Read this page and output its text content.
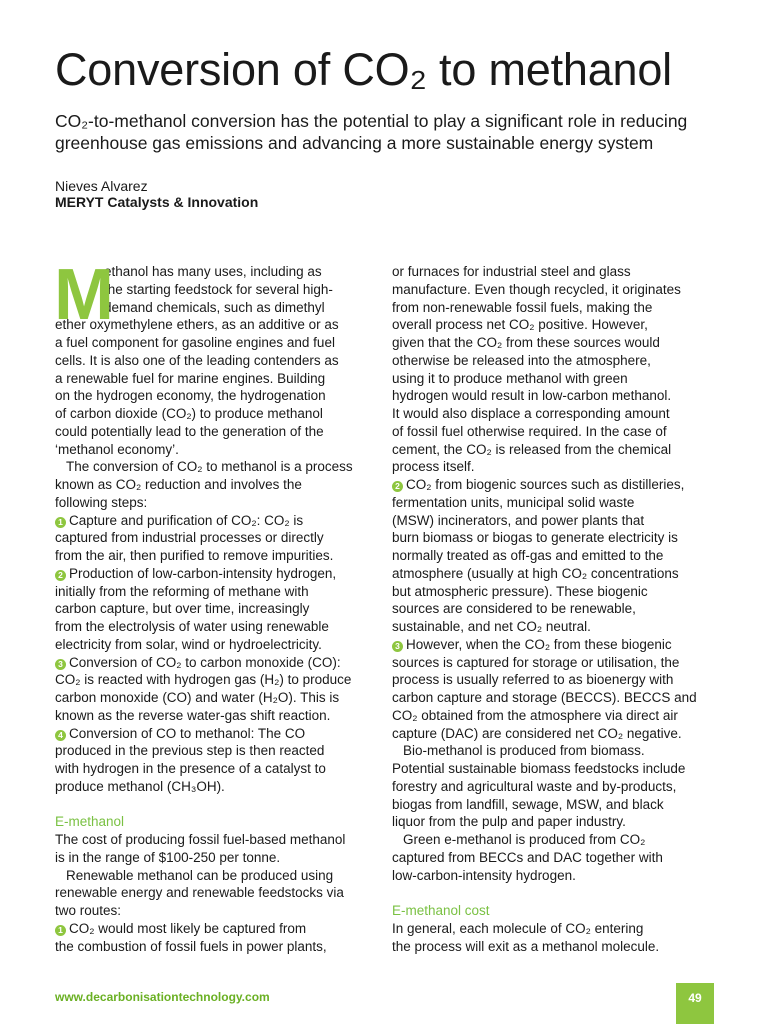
Conversion of CO₂ to methanol
CO₂-to-methanol conversion has the potential to play a significant role in reducing
greenhouse gas emissions and advancing a more sustainable energy system
Nieves Alvarez
MERYT Catalysts & Innovation
M
ethanol has many uses, including as
the starting feedstock for several high-
demand chemicals, such as dimethyl
ether oxymethylene ethers, as an additive or as
a fuel component for gasoline engines and fuel
cells. It is also one of the leading contenders as
a renewable fuel for marine engines. Building
on the hydrogen economy, the hydrogenation
of carbon dioxide (CO₂) to produce methanol
could potentially lead to the generation of the
‘methanol economy’.
The conversion of CO₂ to methanol is a process
known as CO₂ reduction and involves the
following steps:
1 Capture and purification of CO₂: CO₂ is
captured from industrial processes or directly
from the air, then purified to remove impurities.
2 Production of low-carbon-intensity hydrogen,
initially from the reforming of methane with
carbon capture, but over time, increasingly
from the electrolysis of water using renewable
electricity from solar, wind or hydroelectricity.
3 Conversion of CO₂ to carbon monoxide (CO):
CO₂ is reacted with hydrogen gas (H₂) to produce
carbon monoxide (CO) and water (H₂O). This is
known as the reverse water-gas shift reaction.
4 Conversion of CO to methanol: The CO
produced in the previous step is then reacted
with hydrogen in the presence of a catalyst to
produce methanol (CH₃OH).
E-methanol
The cost of producing fossil fuel-based methanol
is in the range of $100-250 per tonne.
Renewable methanol can be produced using
renewable energy and renewable feedstocks via
two routes:
1 CO₂ would most likely be captured from
the combustion of fossil fuels in power plants,
or furnaces for industrial steel and glass
manufacture. Even though recycled, it originates
from non-renewable fossil fuels, making the
overall process net CO₂ positive. However,
given that the CO₂ from these sources would
otherwise be released into the atmosphere,
using it to produce methanol with green
hydrogen would result in low-carbon methanol.
It would also displace a corresponding amount
of fossil fuel otherwise required. In the case of
cement, the CO₂ is released from the chemical
process itself.
2 CO₂ from biogenic sources such as distilleries,
fermentation units, municipal solid waste
(MSW) incinerators, and power plants that
burn biomass or biogas to generate electricity is
normally treated as off-gas and emitted to the
atmosphere (usually at high CO₂ concentrations
but atmospheric pressure). These biogenic
sources are considered to be renewable,
sustainable, and net CO₂ neutral.
3 However, when the CO₂ from these biogenic
sources is captured for storage or utilisation, the
process is usually referred to as bioenergy with
carbon capture and storage (BECCS). BECCS and
CO₂ obtained from the atmosphere via direct air
capture (DAC) are considered net CO₂ negative.
Bio-methanol is produced from biomass.
Potential sustainable biomass feedstocks include
forestry and agricultural waste and by-products,
biogas from landfill, sewage, MSW, and black
liquor from the pulp and paper industry.
Green e-methanol is produced from CO₂
captured from BECCs and DAC together with
low-carbon-intensity hydrogen.
E-methanol cost
In general, each molecule of CO₂ entering
the process will exit as a methanol molecule.
www.decarbonisationtechnology.com	49
